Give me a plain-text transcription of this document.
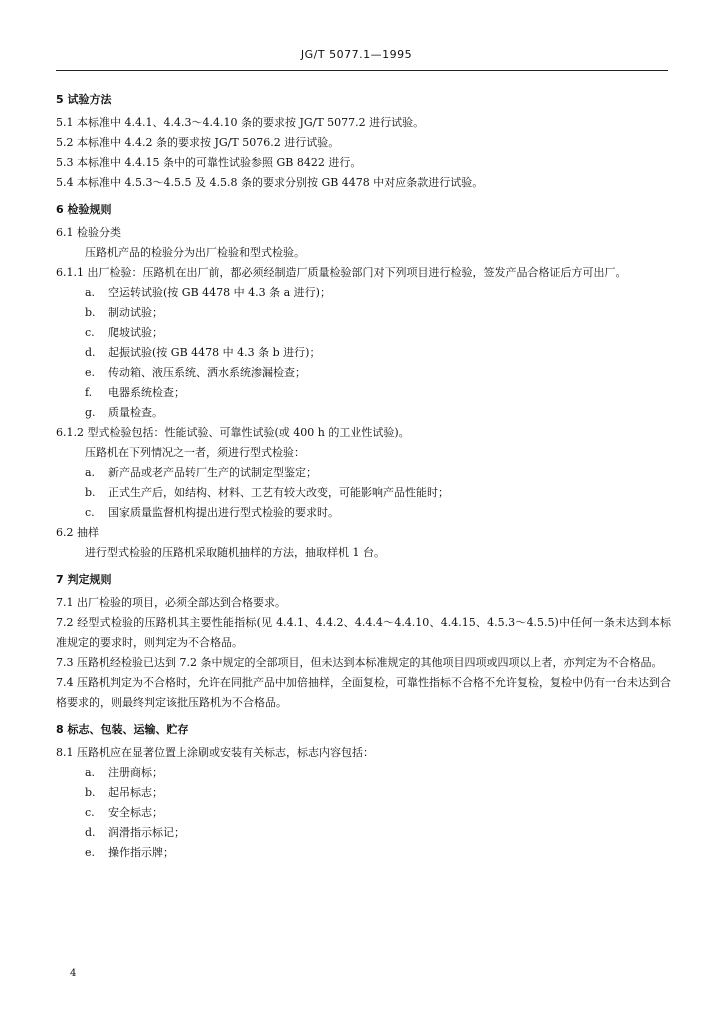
JG/T 5077.1—1995
5 试验方法
5.1 本标准中 4.4.1、4.4.3～4.4.10 条的要求按 JG/T 5077.2 进行试验。
5.2 本标准中 4.4.2 条的要求按 JG/T 5076.2 进行试验。
5.3 本标准中 4.4.15 条中的可靠性试验参照 GB 8422 进行。
5.4 本标准中 4.5.3～4.5.5 及 4.5.8 条的要求分别按 GB 4478 中对应条款进行试验。
6 检验规则
6.1 检验分类
压路机产品的检验分为出厂检验和型式检验。
6.1.1 出厂检验：压路机在出厂前，都必须经制造厂质量检验部门对下列项目进行检验，签发产品合格证后方可出厂。
a. 空运转试验(按 GB 4478 中 4.3 条 a 进行)；
b. 制动试验；
c. 爬坡试验；
d. 起振试验(按 GB 4478 中 4.3 条 b 进行)；
e. 传动箱、液压系统、洒水系统渗漏检查；
f. 电器系统检查；
g. 质量检查。
6.1.2 型式检验包括：性能试验、可靠性试验(或 400 h 的工业性试验)。
压路机在下列情况之一者，须进行型式检验：
a. 新产品或老产品转厂生产的试制定型鉴定；
b. 正式生产后，如结构、材料、工艺有较大改变，可能影响产品性能时；
c. 国家质量监督机构提出进行型式检验的要求时。
6.2 抽样
进行型式检验的压路机采取随机抽样的方法，抽取样机 1 台。
7 判定规则
7.1 出厂检验的项目，必须全部达到合格要求。
7.2 经型式检验的压路机其主要性能指标(见 4.4.1、4.4.2、4.4.4～4.4.10、4.4.15、4.5.3～4.5.5)中任何一条未达到本标准规定的要求时，则判定为不合格品。
7.3 压路机经检验已达到 7.2 条中规定的全部项目，但未达到本标准规定的其他项目四项或四项以上者，亦判定为不合格品。
7.4 压路机判定为不合格时，允许在同批产品中加倍抽样，全面复检，可靠性指标不合格不允许复检，复检中仍有一台未达到合格要求的，则最终判定该批压路机为不合格品。
8 标志、包装、运输、贮存
8.1 压路机应在显著位置上涂刷或安装有关标志，标志内容包括：
a. 注册商标；
b. 起吊标志；
c. 安全标志；
d. 润滑指示标记；
e. 操作指示牌；
4
